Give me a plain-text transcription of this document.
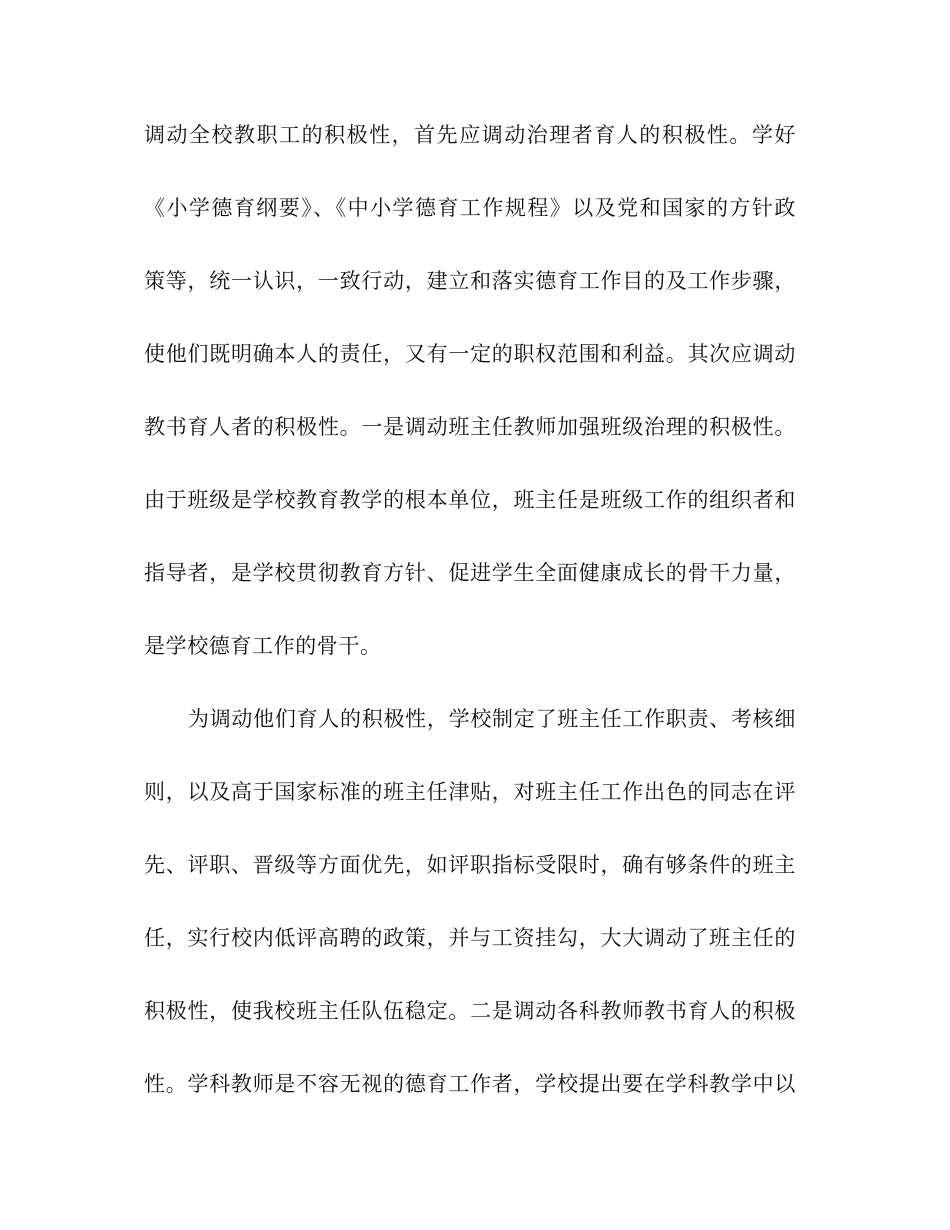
调动全校教职工的积极性，首先应调动治理者育人的积极性。学好
《小学德育纲要》、《中小学德育工作规程》以及党和国家的方针政
策等，统一认识，一致行动，建立和落实德育工作目的及工作步骤，
使他们既明确本人的责任，又有一定的职权范围和利益。其次应调动
教书育人者的积极性。一是调动班主任教师加强班级治理的积极性。
由于班级是学校教育教学的根本单位，班主任是班级工作的组织者和
指导者，是学校贯彻教育方针、促进学生全面健康成长的骨干力量，
是学校德育工作的骨干。
为调动他们育人的积极性，学校制定了班主任工作职责、考核细
则，以及高于国家标准的班主任津贴，对班主任工作出色的同志在评
先、评职、晋级等方面优先，如评职指标受限时，确有够条件的班主
任，实行校内低评高聘的政策，并与工资挂勾，大大调动了班主任的
积极性，使我校班主任队伍稳定。二是调动各科教师教书育人的积极
性。学科教师是不容无视的德育工作者，学校提出要在学科教学中以
